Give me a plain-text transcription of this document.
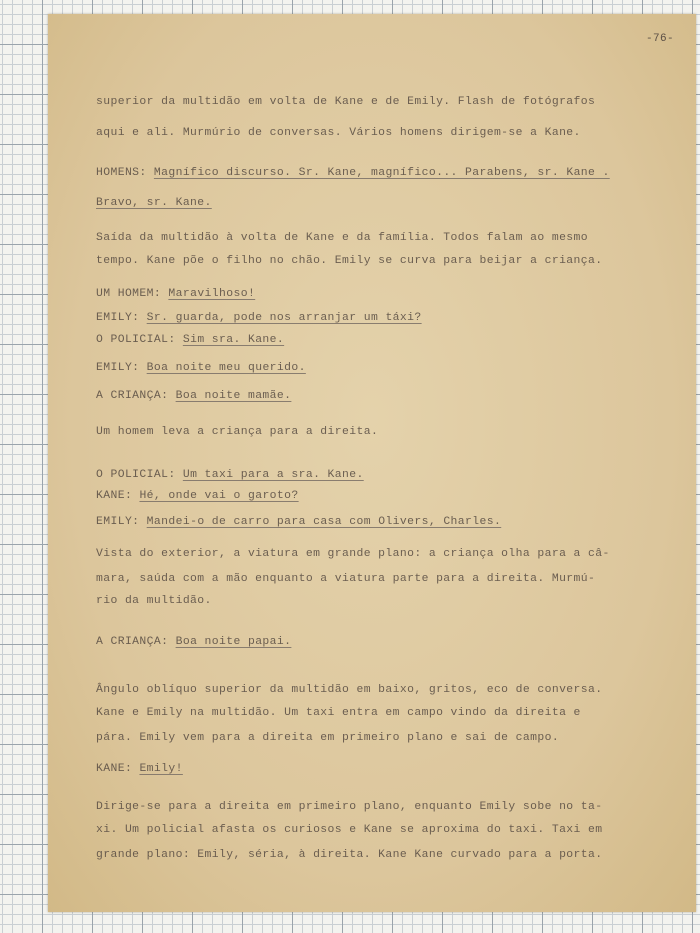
-76-
superior da multidão em volta de Kane e de Emily. Flash de fotógrafos
aqui e ali. Murmúrio de conversas. Vários homens dirigem-se a Kane.
HOMENS: Magnífico discurso. Sr. Kane, magnífico... Parabens, sr. Kane .
Bravo, sr. Kane.
Saída da multidão à volta de Kane e da família. Todos falam ao mesmo
tempo. Kane põe o filho no chão. Emily se curva para beijar a criança.
UM HOMEM: Maravilhoso!
EMILY: Sr. guarda, pode nos arranjar um táxi?
O POLICIAL: Sim sra. Kane.
EMILY: Boa noite meu querido.
A CRIANÇA: Boa noite mamãe.
Um homem leva a criança para a direita.
O POLICIAL: Um taxi para a sra. Kane.
KANE: Hé, onde vai o garoto?
EMILY: Mandei-o de carro para casa com Olivers, Charles.
Vista do exterior, a viatura em grande plano: a criança olha para a câ-
mara, saúda com a mão enquanto a viatura parte para a direita. Murmú-
rio da multidão.
A CRIANÇA: Boa noite papai.
Ângulo oblíquo superior da multidão em baixo, gritos, eco de conversa.
Kane e Emily na multidão. Um taxi entra em campo vindo da direita e
pára. Emily vem para a direita em primeiro plano e sai de campo.
KANE: Emily!
Dirige-se para a direita em primeiro plano, enquanto Emily sobe no ta-
xi. Um policial afasta os curiosos e Kane se aproxima do taxi. Taxi em
grande plano: Emily, séria, à direita. Kane Kane curvado para a porta.
